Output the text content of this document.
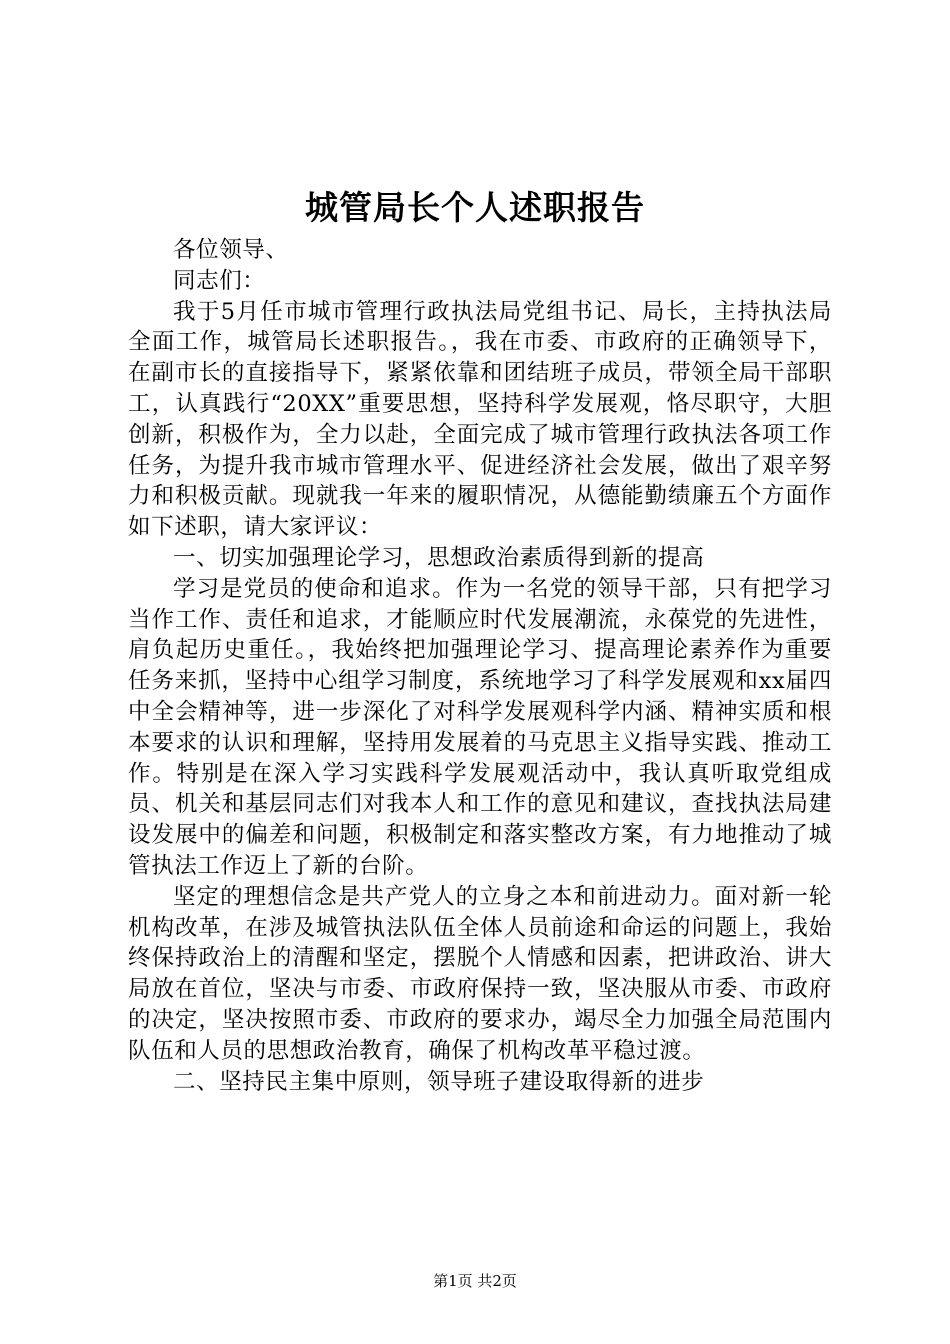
城管局长个人述职报告

各位领导、

同志们：

我于5月任市城市管理行政执法局党组书记、局长，主持执法局全面工作，城管局长述职报告。，我在市委、市政府的正确领导下，在副市长的直接指导下，紧紧依靠和团结班子成员，带领全局干部职工，认真践行“20XX”重要思想，坚持科学发展观，恪尽职守，大胆创新，积极作为，全力以赴，全面完成了城市管理行政执法各项工作任务，为提升我市城市管理水平、促进经济社会发展，做出了艰辛努力和积极贡献。现就我一年来的履职情况，从德能勤绩廉五个方面作如下述职，请大家评议：

一、切实加强理论学习，思想政治素质得到新的提高

学习是党员的使命和追求。作为一名党的领导干部，只有把学习当作工作、责任和追求，才能顺应时代发展潮流，永葆党的先进性，肩负起历史重任。，我始终把加强理论学习、提高理论素养作为重要任务来抓，坚持中心组学习制度，系统地学习了科学发展观和xx届四中全会精神等，进一步深化了对科学发展观科学内涵、精神实质和根本要求的认识和理解，坚持用发展着的马克思主义指导实践、推动工作。特别是在深入学习实践科学发展观活动中，我认真听取党组成员、机关和基层同志们对我本人和工作的意见和建议，查找执法局建设发展中的偏差和问题，积极制定和落实整改方案，有力地推动了城管执法工作迈上了新的台阶。

坚定的理想信念是共产党人的立身之本和前进动力。面对新一轮机构改革，在涉及城管执法队伍全体人员前途和命运的问题上，我始终保持政治上的清醒和坚定，摆脱个人情感和因素，把讲政治、讲大局放在首位，坚决与市委、市政府保持一致，坚决服从市委、市政府的决定，坚决按照市委、市政府的要求办，竭尽全力加强全局范围内队伍和人员的思想政治教育，确保了机构改革平稳过渡。

二、坚持民主集中原则，领导班子建设取得新的进步

第1页 共2页
